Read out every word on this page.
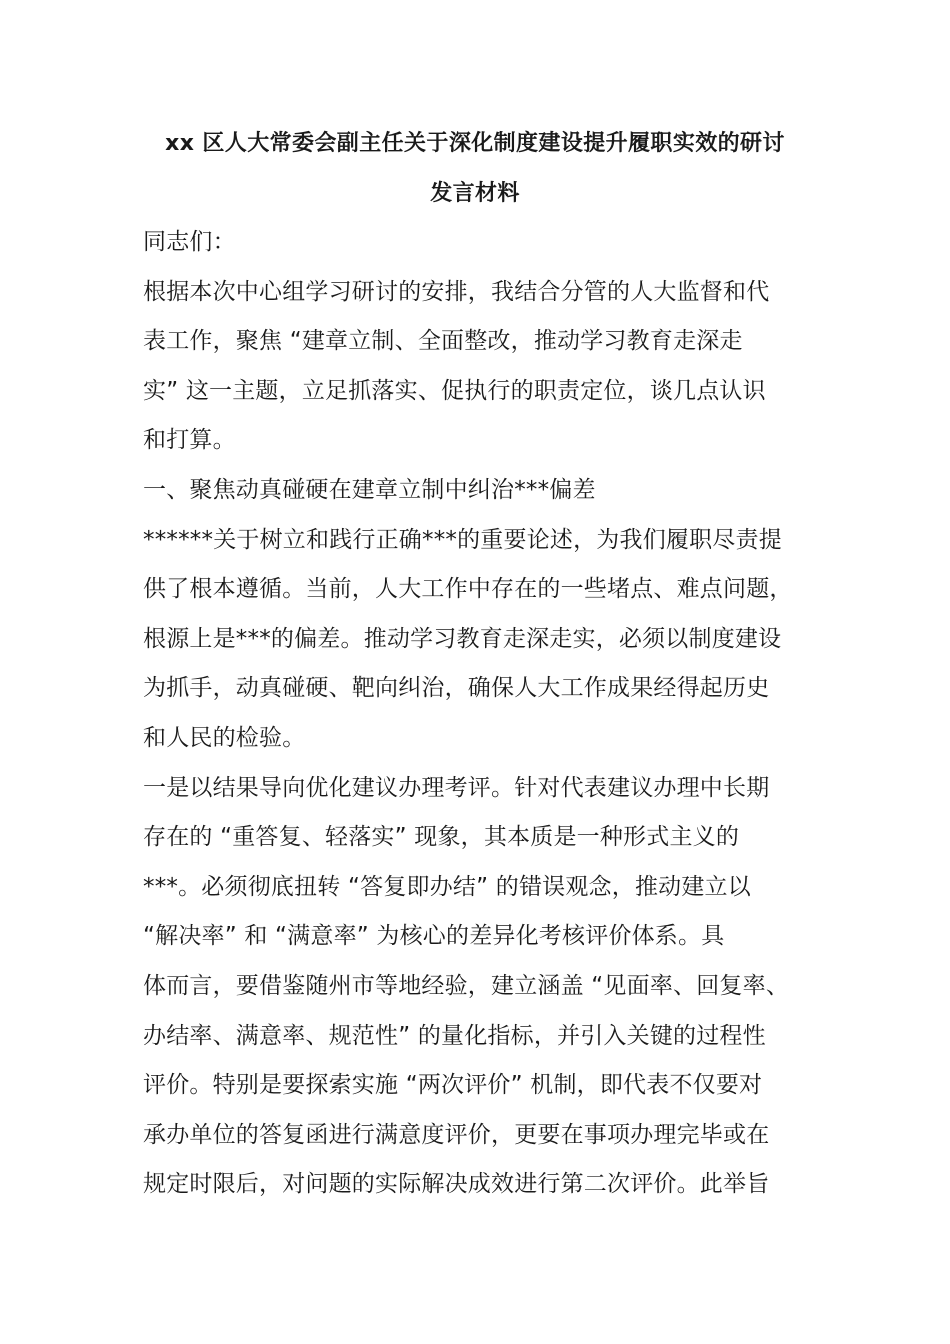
xx 区人大常委会副主任关于深化制度建设提升履职实效的研讨
发言材料
同志们：
根据本次中心组学习研讨的安排，我结合分管的人大监督和代
表工作，聚焦 “建章立制、全面整改，推动学习教育走深走
实” 这一主题，立足抓落实、促执行的职责定位，谈几点认识
和打算。
一、聚焦动真碰硬在建章立制中纠治***偏差
******关于树立和践行正确***的重要论述，为我们履职尽责提
供了根本遵循。当前，人大工作中存在的一些堵点、难点问题，
根源上是***的偏差。推动学习教育走深走实，必须以制度建设
为抓手，动真碰硬、靶向纠治，确保人大工作成果经得起历史
和人民的检验。
一是以结果导向优化建议办理考评。针对代表建议办理中长期
存在的 “重答复、轻落实” 现象，其本质是一种形式主义的
***。必须彻底扭转 “答复即办结” 的错误观念，推动建立以
“解决率” 和 “满意率” 为核心的差异化考核评价体系。具
体而言，要借鉴随州市等地经验，建立涵盖 “见面率、回复率、
办结率、满意率、规范性” 的量化指标，并引入关键的过程性
评价。特别是要探索实施 “两次评价” 机制，即代表不仅要对
承办单位的答复函进行满意度评价，更要在事项办理完毕或在
规定时限后，对问题的实际解决成效进行第二次评价。此举旨
